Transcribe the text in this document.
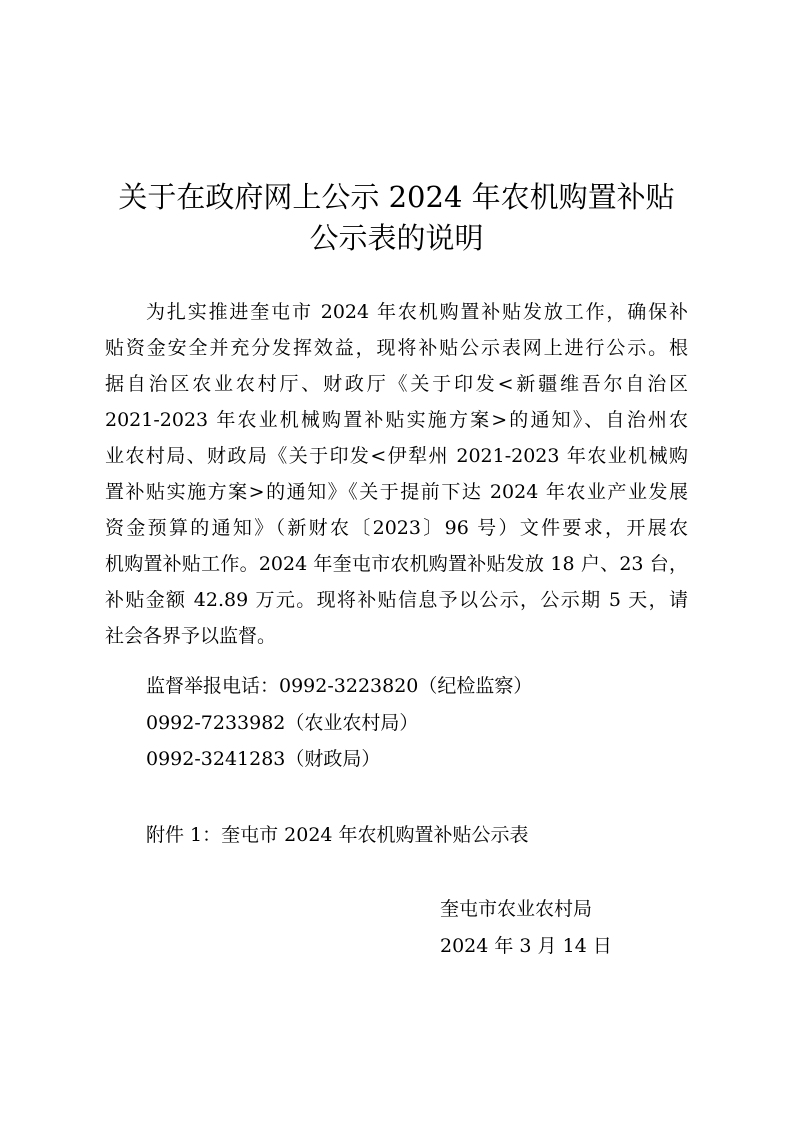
关于在政府网上公示 2024 年农机购置补贴
公示表的说明
为扎实推进奎屯市 2024 年农机购置补贴发放工作，确保补
贴资金安全并充分发挥效益，现将补贴公示表网上进行公示。根
据自治区农业农村厅、财政厅《关于印发<新疆维吾尔自治区
2021-2023 年农业机械购置补贴实施方案>的通知》、自治州农
业农村局、财政局《关于印发<伊犁州 2021-2023 年农业机械购
置补贴实施方案>的通知》《关于提前下达 2024 年农业产业发展
资金预算的通知》（新财农〔2023〕96 号）文件要求，开展农
机购置补贴工作。2024 年奎屯市农机购置补贴发放 18 户、23 台，
补贴金额 42.89 万元。现将补贴信息予以公示，公示期 5 天，请
社会各界予以监督。
监督举报电话：0992-3223820（纪检监察）
0992-7233982（农业农村局）
0992-3241283（财政局）
附件 1：奎屯市 2024 年农机购置补贴公示表
奎屯市农业农村局
2024 年 3 月 14 日
